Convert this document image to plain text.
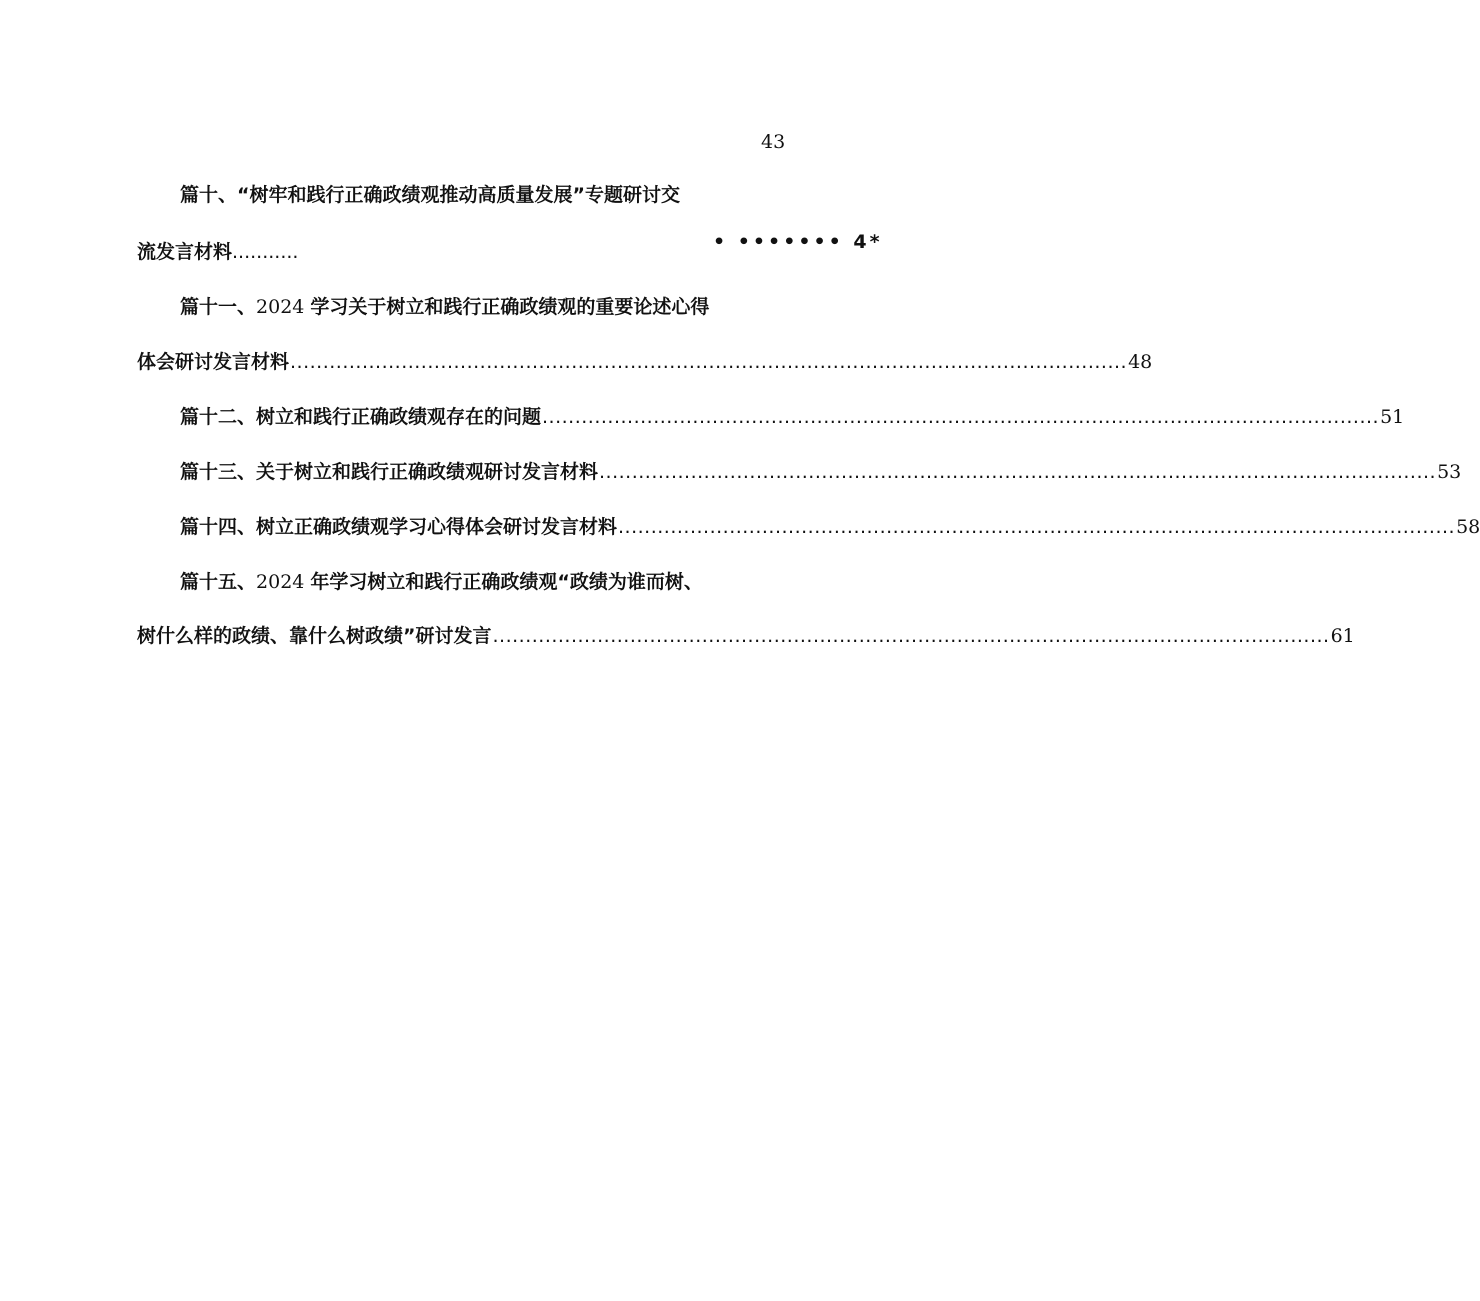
43
篇十、“树牢和践行正确政绩观推动高质量发展”专题研讨交
流发言材料...........	• ••••••• 4*
篇十一、2024 学习关于树立和践行正确政绩观的重要论述心得
体会研讨发言材料 ................................................................................................................................ 48
篇十二、树立和践行正确政绩观存在的问题 ................................................................................................................................ 51
篇十三、关于树立和践行正确政绩观研讨发言材料 ................................................................................................................................ 53
篇十四、树立正确政绩观学习心得体会研讨发言材料 ................................................................................................................................ 58
篇十五、2024 年学习树立和践行正确政绩观“政绩为谁而树、
树什么样的政绩、靠什么树政绩”研讨发言 ................................................................................................................................ 61
